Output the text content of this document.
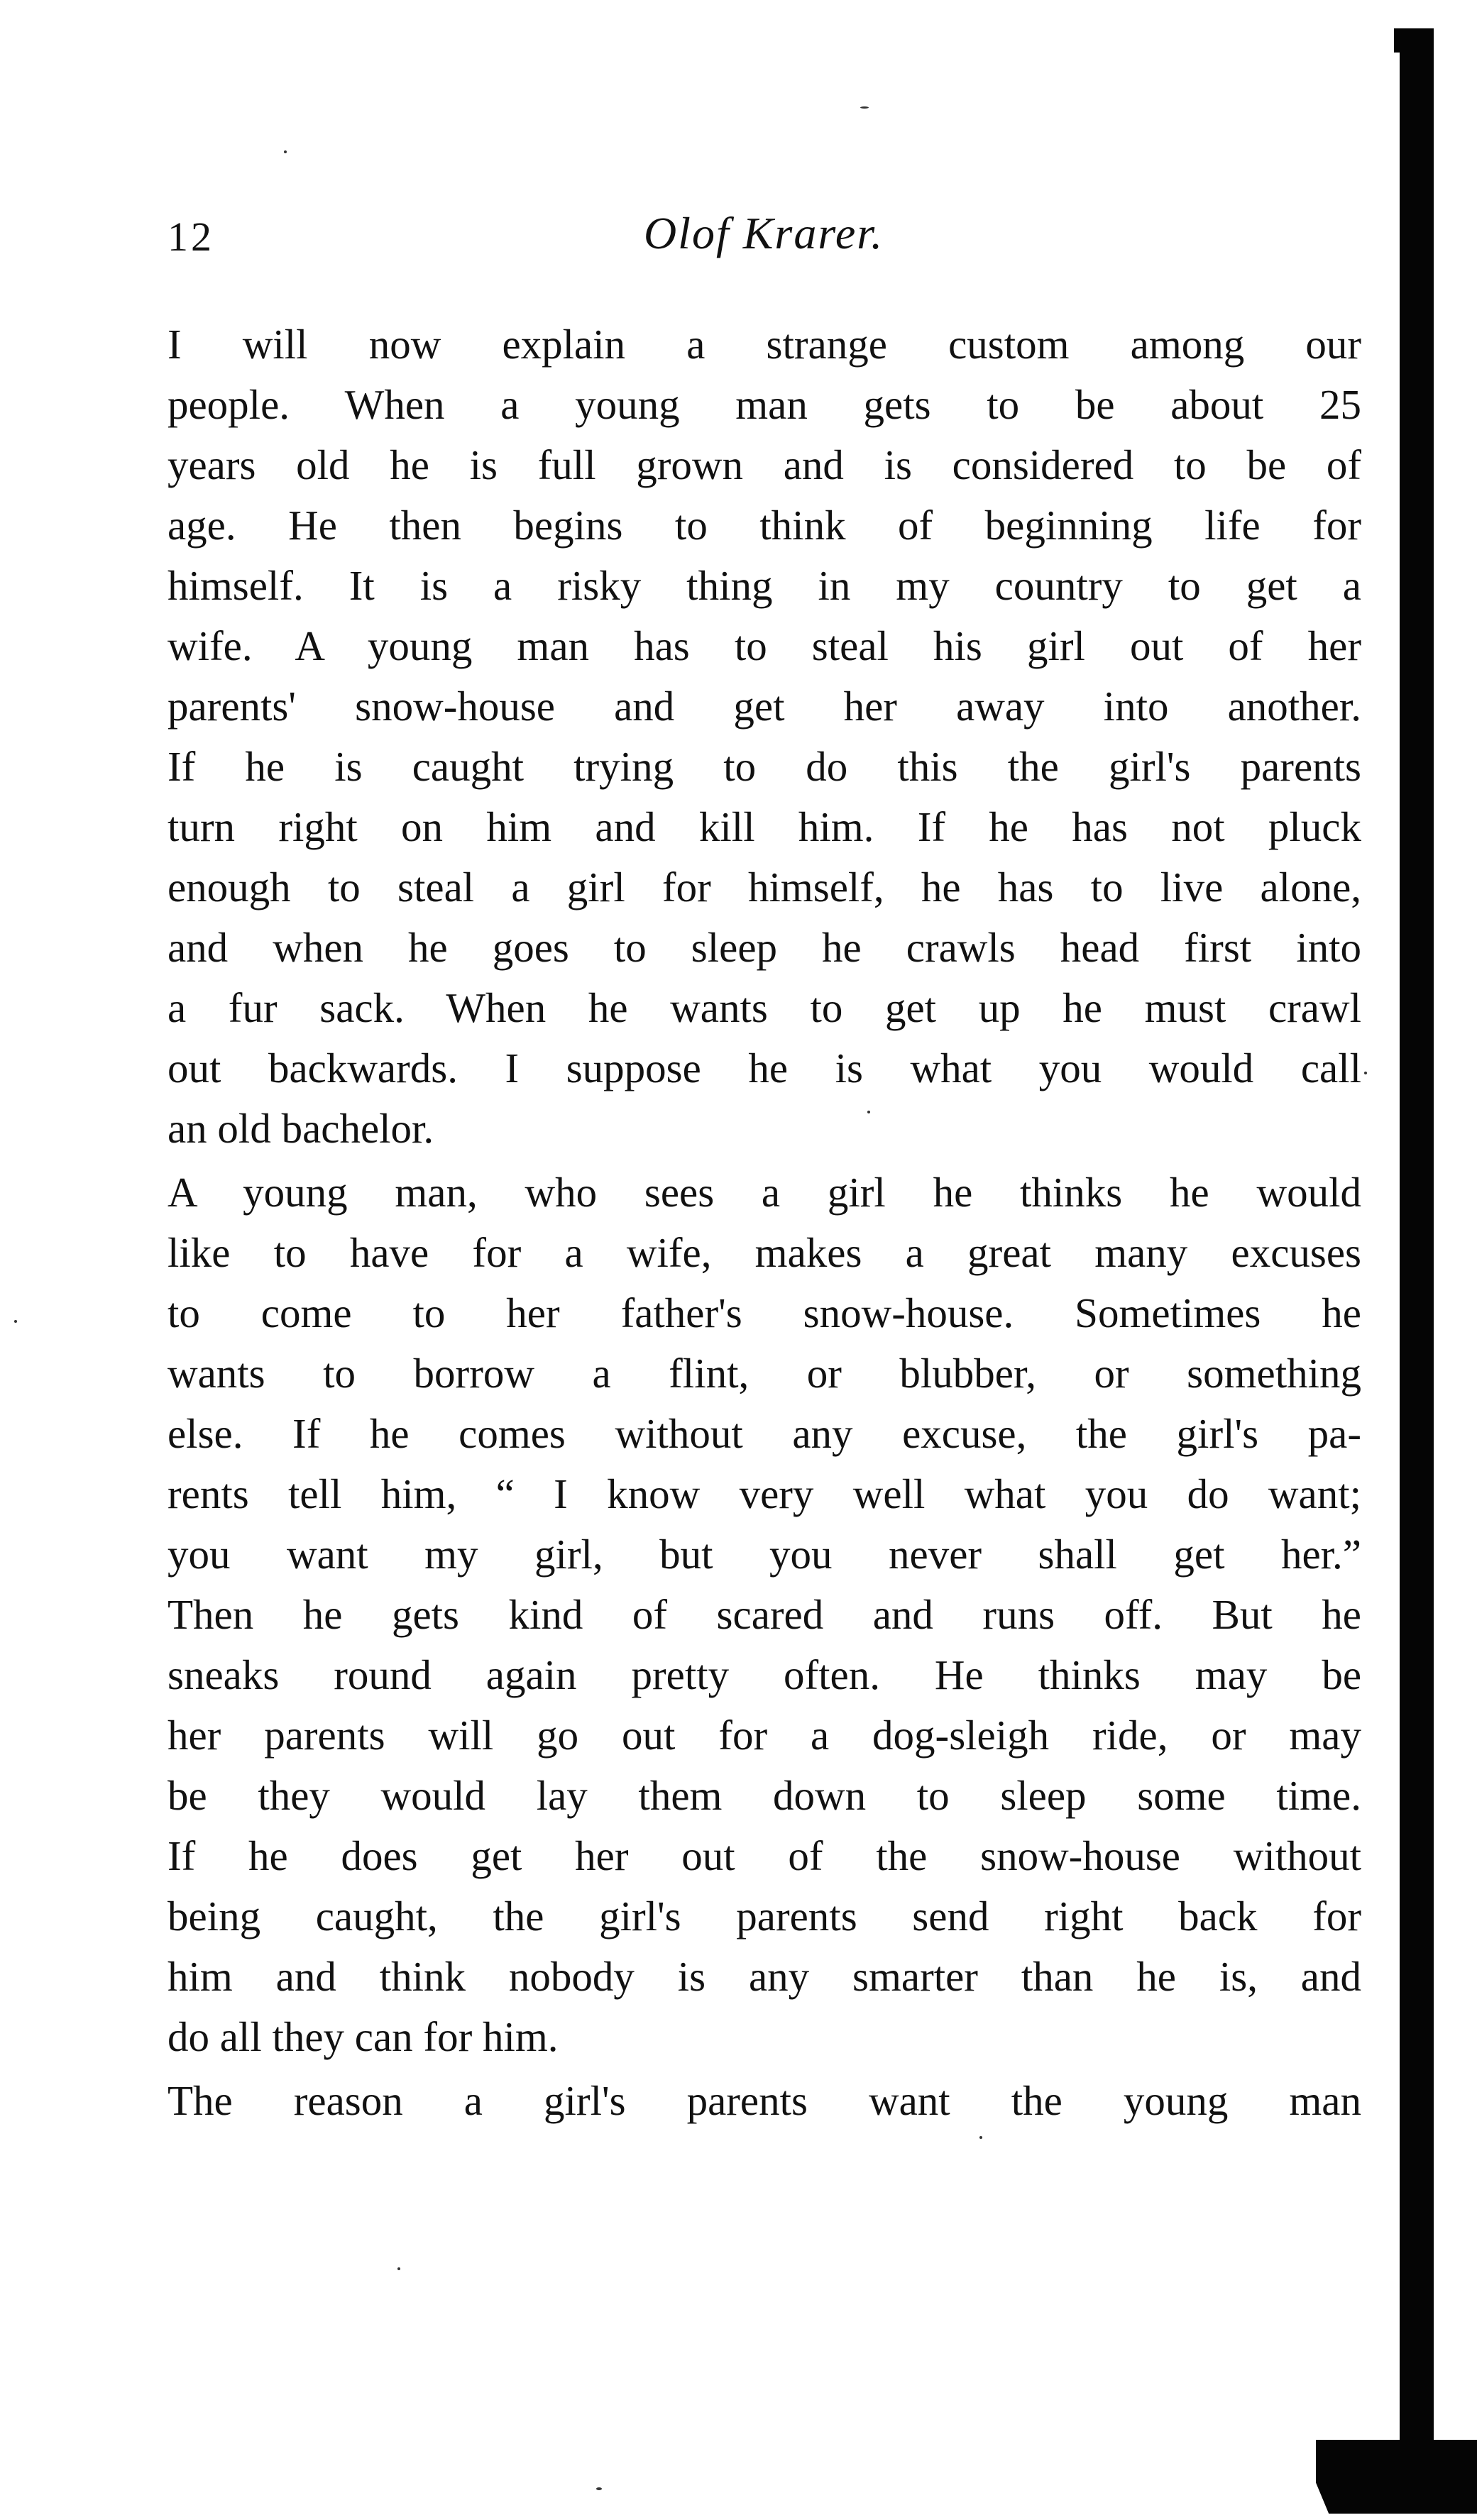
12	Olof Krarer.

I will now explain a strange custom among our
people. When a young man gets to be about 25
years old he is full grown and is considered to be of
age. He then begins to think of beginning life for
himself. It is a risky thing in my country to get a
wife. A young man has to steal his girl out of her
parents' snow-house and get her away into another.
If he is caught trying to do this the girl's parents
turn right on him and kill him. If he has not pluck
enough to steal a girl for himself, he has to live alone,
and when he goes to sleep he crawls head first into
a fur sack. When he wants to get up he must crawl
out backwards. I suppose he is what you would call
an old bachelor.

A young man, who sees a girl he thinks he would
like to have for a wife, makes a great many excuses
to come to her father's snow-house. Sometimes he
wants to borrow a flint, or blubber, or something
else. If he comes without any excuse, the girl's pa-
rents tell him, “ I know very well what you do want;
you want my girl, but you never shall get her.”
Then he gets kind of scared and runs off. But he
sneaks round again pretty often. He thinks may be
her parents will go out for a dog-sleigh ride, or may
be they would lay them down to sleep some time.
If he does get her out of the snow-house without
being caught, the girl's parents send right back for
him and think nobody is any smarter than he is, and
do all they can for him.

The reason a girl's parents want the young man
